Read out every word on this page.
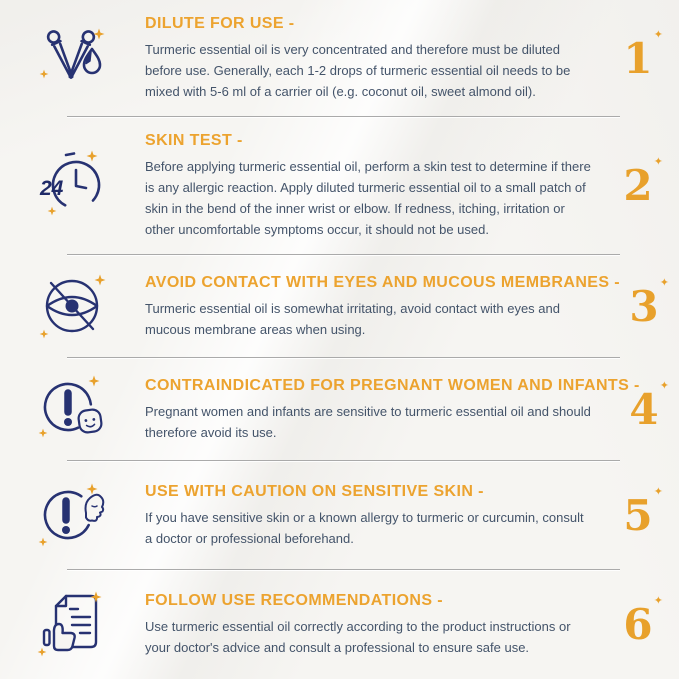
DILUTE FOR USE -

Turmeric essential oil is very concentrated and therefore must be diluted before use. Generally, each 1-2 drops of turmeric essential oil needs to be mixed with 5-6 ml of a carrier oil (e.g. coconut oil, sweet almond oil).

1 ✦
24
SKIN TEST -

Before applying turmeric essential oil, perform a skin test to determine if there is any allergic reaction. Apply diluted turmeric essential oil to a small patch of skin in the bend of the inner wrist or elbow. If redness, itching, irritation or other uncomfortable symptoms occur, it should not be used.

2 ✦
AVOID CONTACT WITH EYES AND MUCOUS MEMBRANES -

Turmeric essential oil is somewhat irritating, avoid contact with eyes and mucous membrane areas when using.	3 ✦
CONTRAINDICATED FOR PREGNANT WOMEN AND INFANTS -

Pregnant women and infants are sensitive to turmeric essential oil and should therefore avoid its use.	4 ✦
USE WITH CAUTION ON SENSITIVE SKIN -

If you have sensitive skin or a known allergy to turmeric or curcumin, consult a doctor or professional beforehand.	5 ✦
FOLLOW USE RECOMMENDATIONS -

Use turmeric essential oil correctly according to the product instructions or your doctor's advice and consult a professional to ensure safe use.	6 ✦
